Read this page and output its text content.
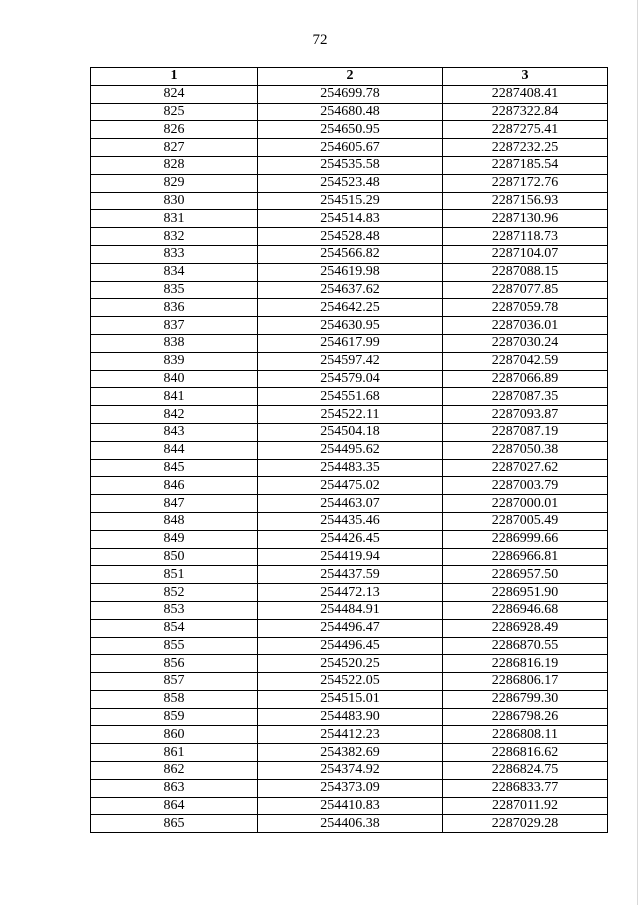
72
1	2	3
824	254699.78	2287408.41
825	254680.48	2287322.84
826	254650.95	2287275.41
827	254605.67	2287232.25
828	254535.58	2287185.54
829	254523.48	2287172.76
830	254515.29	2287156.93
831	254514.83	2287130.96
832	254528.48	2287118.73
833	254566.82	2287104.07
834	254619.98	2287088.15
835	254637.62	2287077.85
836	254642.25	2287059.78
837	254630.95	2287036.01
838	254617.99	2287030.24
839	254597.42	2287042.59
840	254579.04	2287066.89
841	254551.68	2287087.35
842	254522.11	2287093.87
843	254504.18	2287087.19
844	254495.62	2287050.38
845	254483.35	2287027.62
846	254475.02	2287003.79
847	254463.07	2287000.01
848	254435.46	2287005.49
849	254426.45	2286999.66
850	254419.94	2286966.81
851	254437.59	2286957.50
852	254472.13	2286951.90
853	254484.91	2286946.68
854	254496.47	2286928.49
855	254496.45	2286870.55
856	254520.25	2286816.19
857	254522.05	2286806.17
858	254515.01	2286799.30
859	254483.90	2286798.26
860	254412.23	2286808.11
861	254382.69	2286816.62
862	254374.92	2286824.75
863	254373.09	2286833.77
864	254410.83	2287011.92
865	254406.38	2287029.28
